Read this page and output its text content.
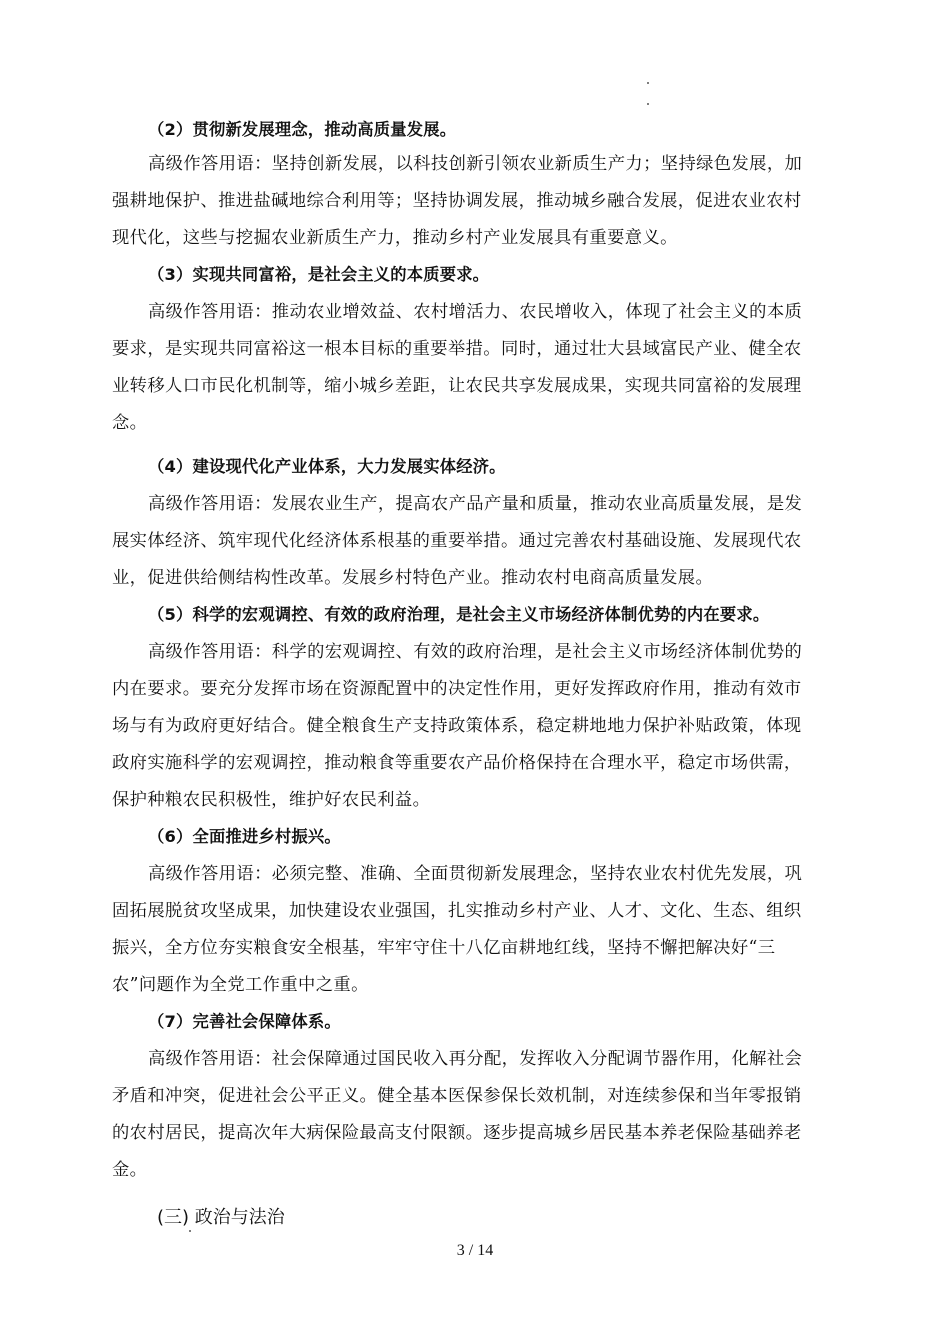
（2）贯彻新发展理念，推动高质量发展。
高级作答用语：坚持创新发展，以科技创新引领农业新质生产力；坚持绿色发展，加
强耕地保护、推进盐碱地综合利用等；坚持协调发展，推动城乡融合发展，促进农业农村
现代化，这些与挖掘农业新质生产力，推动乡村产业发展具有重要意义。
（3）实现共同富裕，是社会主义的本质要求。
高级作答用语：推动农业增效益、农村增活力、农民增收入，体现了社会主义的本质
要求，是实现共同富裕这一根本目标的重要举措。同时，通过壮大县域富民产业、健全农
业转移人口市民化机制等，缩小城乡差距，让农民共享发展成果，实现共同富裕的发展理
念。
（4）建设现代化产业体系，大力发展实体经济。
高级作答用语：发展农业生产，提高农产品产量和质量，推动农业高质量发展，是发
展实体经济、筑牢现代化经济体系根基的重要举措。通过完善农村基础设施、发展现代农
业，促进供给侧结构性改革。发展乡村特色产业。推动农村电商高质量发展。
（5）科学的宏观调控、有效的政府治理，是社会主义市场经济体制优势的内在要求。
高级作答用语：科学的宏观调控、有效的政府治理，是社会主义市场经济体制优势的
内在要求。要充分发挥市场在资源配置中的决定性作用，更好发挥政府作用，推动有效市
场与有为政府更好结合。健全粮食生产支持政策体系，稳定耕地地力保护补贴政策，体现
政府实施科学的宏观调控，推动粮食等重要农产品价格保持在合理水平，稳定市场供需，
保护种粮农民积极性，维护好农民利益。
（6）全面推进乡村振兴。
高级作答用语：必须完整、准确、全面贯彻新发展理念，坚持农业农村优先发展，巩
固拓展脱贫攻坚成果，加快建设农业强国，扎实推动乡村产业、人才、文化、生态、组织
振兴，全方位夯实粮食安全根基，牢牢守住十八亿亩耕地红线，坚持不懈把解决好“三
农”问题作为全党工作重中之重。
（7）完善社会保障体系。
高级作答用语：社会保障通过国民收入再分配，发挥收入分配调节器作用，化解社会
矛盾和冲突，促进社会公平正义。健全基本医保参保长效机制，对连续参保和当年零报销
的农村居民，提高次年大病保险最高支付限额。逐步提高城乡居民基本养老保险基础养老
金。
(三) 政治与法治
3 / 14
